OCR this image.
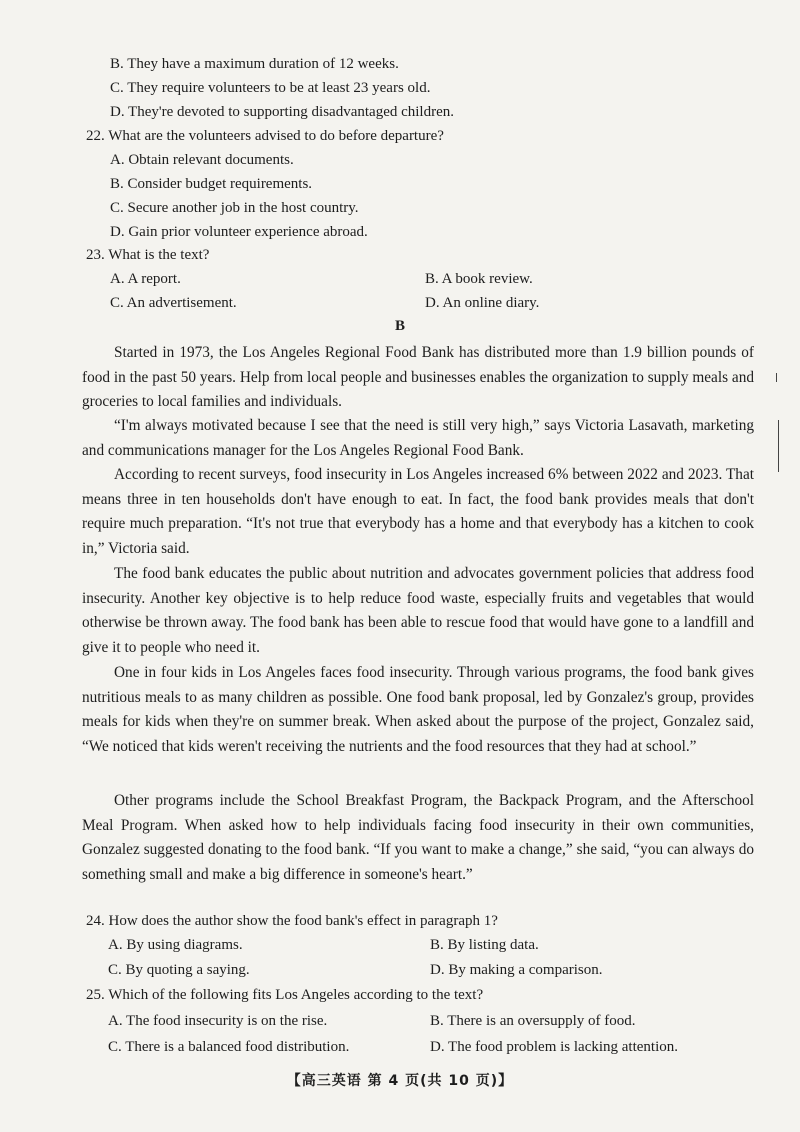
B. They have a maximum duration of 12 weeks.
C. They require volunteers to be at least 23 years old.
D. They're devoted to supporting disadvantaged children.
22. What are the volunteers advised to do before departure?
A. Obtain relevant documents.
B. Consider budget requirements.
C. Secure another job in the host country.
D. Gain prior volunteer experience abroad.
23. What is the text?
A. A report.	B. A book review.
C. An advertisement.	D. An online diary.
B

Started in 1973, the Los Angeles Regional Food Bank has distributed more than 1.9 billion pounds of food in the past 50 years. Help from local people and businesses enables the organization to supply meals and groceries to local families and individuals.

“I'm always motivated because I see that the need is still very high,” says Victoria Lasavath, marketing and communications manager for the Los Angeles Regional Food Bank.

According to recent surveys, food insecurity in Los Angeles increased 6% between 2022 and 2023. That means three in ten households don't have enough to eat. In fact, the food bank provides meals that don't require much preparation. “It's not true that everybody has a home and that everybody has a kitchen to cook in,” Victoria said.

The food bank educates the public about nutrition and advocates government policies that address food insecurity. Another key objective is to help reduce food waste, especially fruits and vegetables that would otherwise be thrown away. The food bank has been able to rescue food that would have gone to a landfill and give it to people who need it.

One in four kids in Los Angeles faces food insecurity. Through various programs, the food bank gives nutritious meals to as many children as possible. One food bank proposal, led by Gonzalez's group, provides meals for kids when they're on summer break. When asked about the purpose of the project, Gonzalez said, “We noticed that kids weren't receiving the nutrients and the food resources that they had at school.”

Other programs include the School Breakfast Program, the Backpack Program, and the Afterschool Meal Program. When asked how to help individuals facing food insecurity in their own communities, Gonzalez suggested donating to the food bank. “If you want to make a change,” she said, “you can always do something small and make a big difference in someone's heart.”

24. How does the author show the food bank's effect in paragraph 1?
A. By using diagrams.	B. By listing data.
C. By quoting a saying.	D. By making a comparison.
25. Which of the following fits Los Angeles according to the text?
A. The food insecurity is on the rise.	B. There is an oversupply of food.
C. There is a balanced food distribution.	D. The food problem is lacking attention.
【高三英语 第 4 页(共 10 页)】
